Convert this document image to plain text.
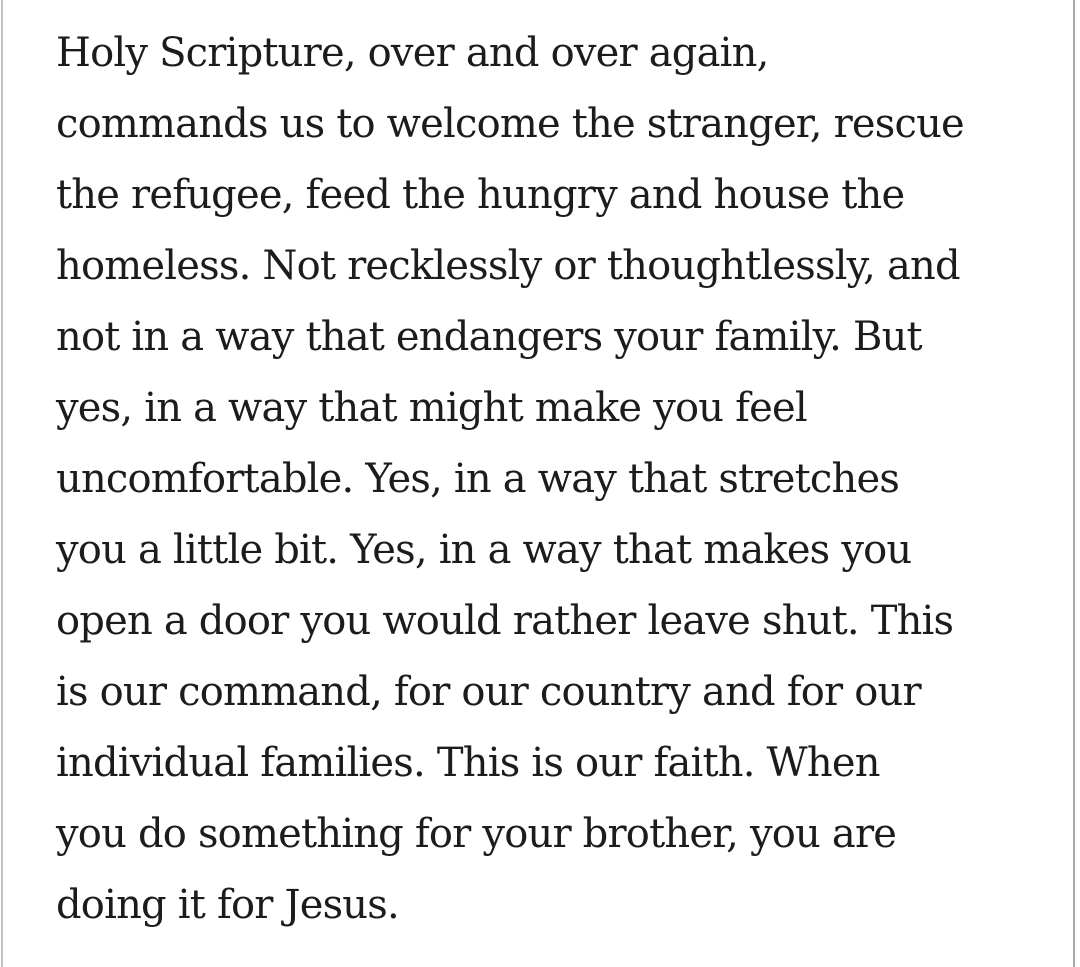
Holy Scripture, over and over again,
commands us to welcome the stranger, rescue
the refugee, feed the hungry and house the
homeless. Not recklessly or thoughtlessly, and
not in a way that endangers your family. But
yes, in a way that might make you feel
uncomfortable. Yes, in a way that stretches
you a little bit. Yes, in a way that makes you
open a door you would rather leave shut. This
is our command, for our country and for our
individual families. This is our faith. When
you do something for your brother, you are
doing it for Jesus.
